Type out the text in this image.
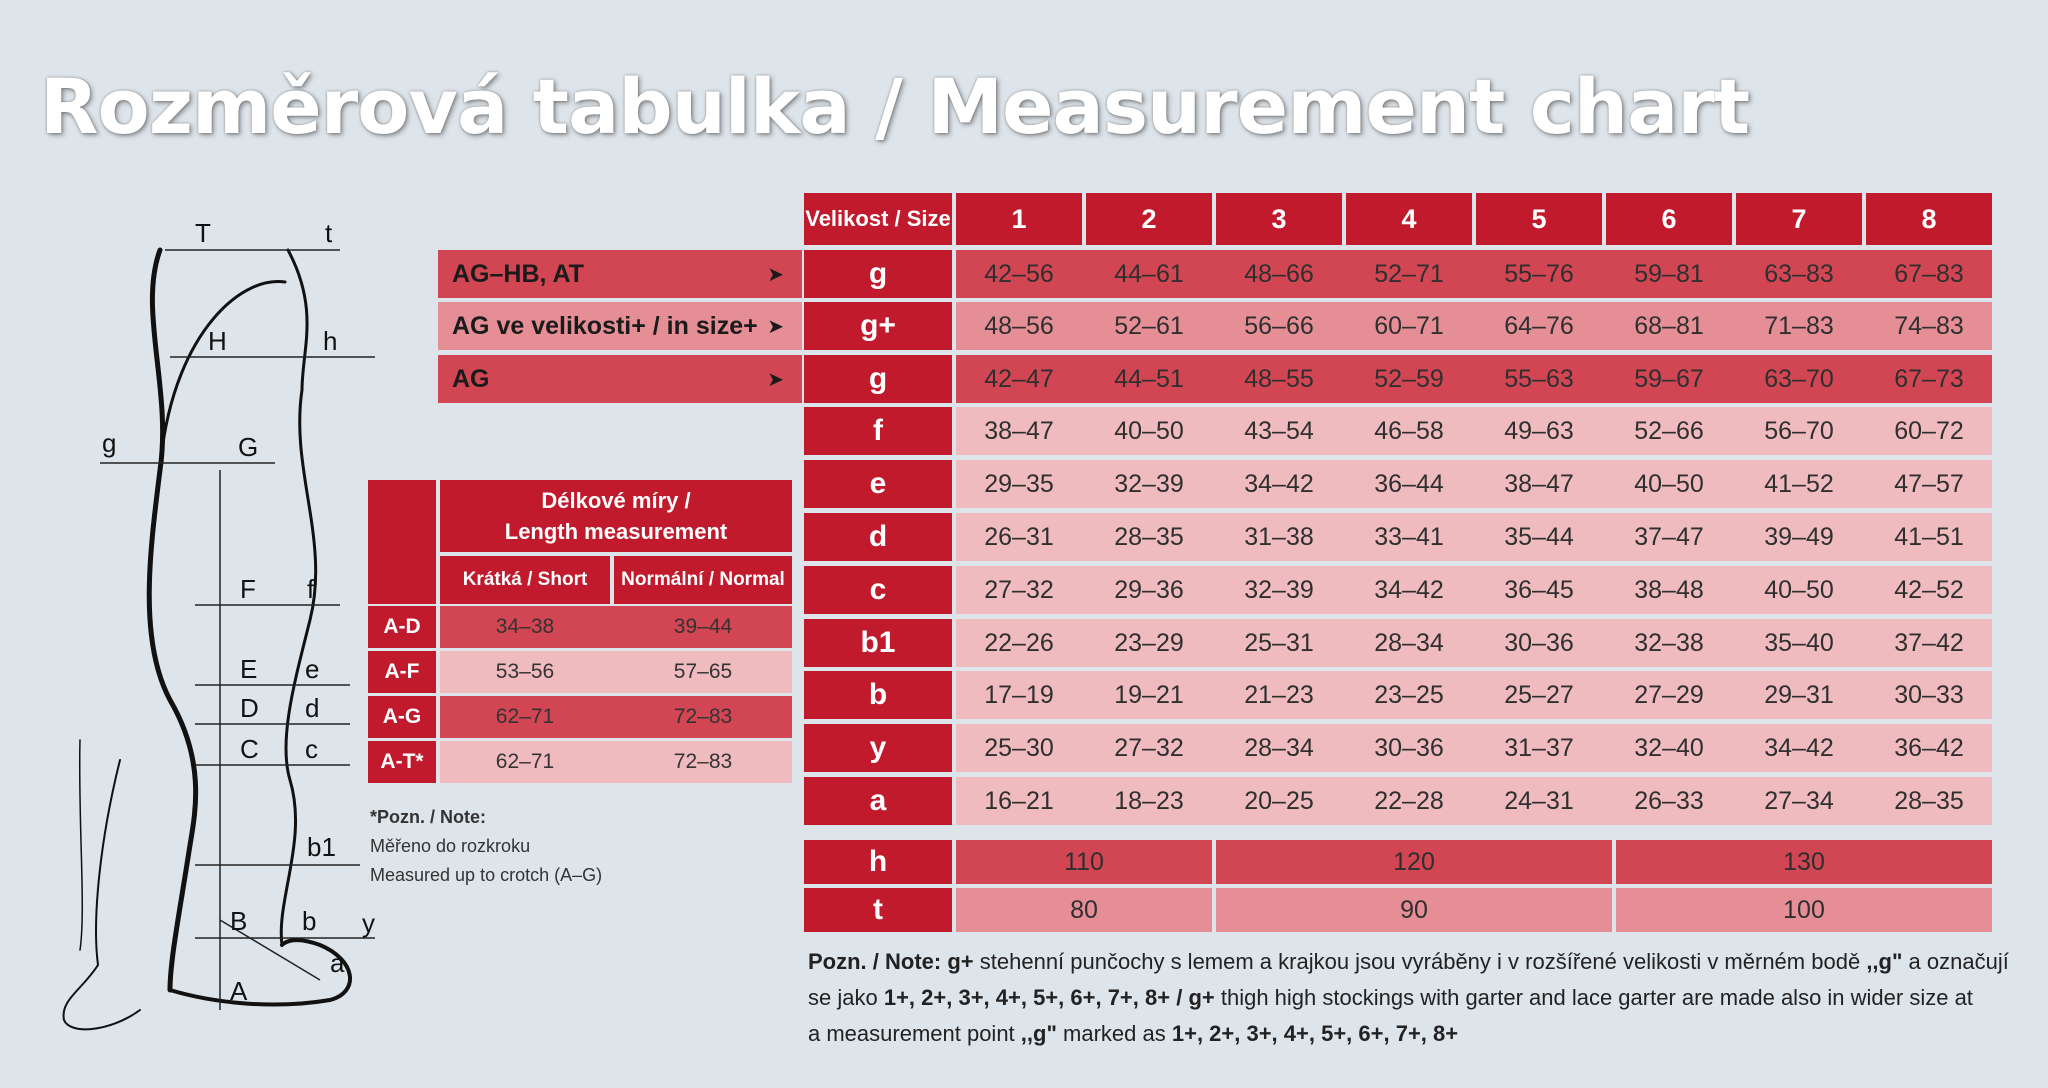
Rozměrová tabulka / Measurement chart
T	t
H	h
g	G
F f
E e
D d
C c
b1
B b y
a
A
AG–HB, AT	➤
AG ve velikosti+ / in size+ ➤
AG	➤
Velikost / Size	1	2	3	4	5	6	7	8
g	42–56	44–61	48–66	52–71	55–76	59–81	63–83	67–83
g+	48–56	52–61	56–66	60–71	64–76	68–81	71–83	74–83
g	42–47	44–51	48–55	52–59	55–63	59–67	63–70	67–73
f	38–47	40–50	43–54	46–58	49–63	52–66	56–70	60–72
e	29–35	32–39	34–42	36–44	38–47	40–50	41–52	47–57
d	26–31	28–35	31–38	33–41	35–44	37–47	39–49	41–51
c	27–32	29–36	32–39	34–42	36–45	38–48	40–50	42–52
b1	22–26	23–29	25–31	28–34	30–36	32–38	35–40	37–42
b	17–19	19–21	21–23	23–25	25–27	27–29	29–31	30–33
y	25–30	27–32	28–34	30–36	31–37	32–40	34–42	36–42
a	16–21	18–23	20–25	22–28	24–31	26–33	27–34	28–35
h	110	120	130
t	80	90	100
Délkové míry /
Length measurement
Krátká / Short	Normální / Normal
A-D	34–38	39–44
A-F	53–56	57–65
A-G	62–71	72–83
A-T*	62–71	72–83
*Pozn. / Note:
Měřeno do rozkroku
Measured up to crotch (A–G)
Pozn. / Note: g+ stehenní punčochy s lemem a krajkou jsou vyráběny i v rozšířené velikosti v měrném bodě ,,g" a označují
se jako 1+, 2+, 3+, 4+, 5+, 6+, 7+, 8+ / g+ thigh high stockings with garter and lace garter are made also in wider size at
a measurement point ,,g" marked as 1+, 2+, 3+, 4+, 5+, 6+, 7+, 8+
